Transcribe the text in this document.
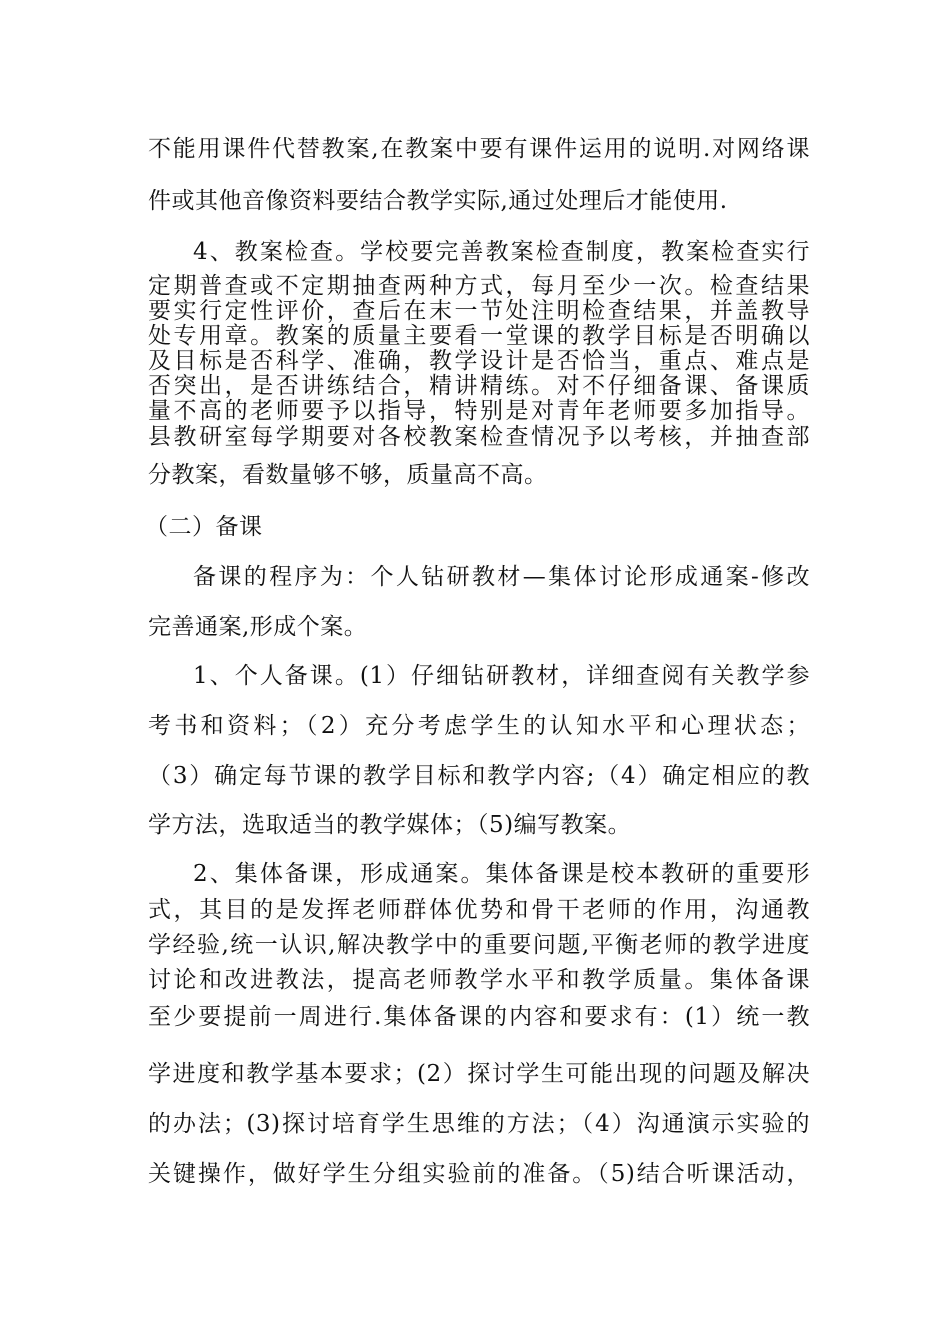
不能用课件代替教案,在教案中要有课件运用的说明.对网络课
件或其他音像资料要结合教学实际,通过处理后才能使用.
4、教案检查。学校要完善教案检查制度，教案检查实行
定期普查或不定期抽查两种方式，每月至少一次。检查结果
要实行定性评价，查后在末一节处注明检查结果，并盖教导
处专用章。教案的质量主要看一堂课的教学目标是否明确以
及目标是否科学、准确，教学设计是否恰当，重点、难点是
否突出，是否讲练结合，精讲精练。对不仔细备课、备课质
量不高的老师要予以指导，特别是对青年老师要多加指导。
县教研室每学期要对各校教案检查情况予以考核，并抽查部
分教案，看数量够不够，质量高不高。
（二）备课
备课的程序为：个人钻研教材—集体讨论形成通案-修改
完善通案,形成个案。
1、个人备课。(1）仔细钻研教材，详细查阅有关教学参
考书和资料；（2）充分考虑学生的认知水平和心理状态；
（3）确定每节课的教学目标和教学内容;（4）确定相应的教
学方法，选取适当的教学媒体；（5)编写教案。
2、集体备课，形成通案。集体备课是校本教研的重要形
式，其目的是发挥老师群体优势和骨干老师的作用，沟通教
学经验,统一认识,解决教学中的重要问题,平衡老师的教学进度
讨论和改进教法，提高老师教学水平和教学质量。集体备课
至少要提前一周进行.集体备课的内容和要求有：(1）统一教
学进度和教学基本要求；(2）探讨学生可能出现的问题及解决
的办法；(3)探讨培育学生思维的方法；（4）沟通演示实验的
关键操作，做好学生分组实验前的准备。（5)结合听课活动，
